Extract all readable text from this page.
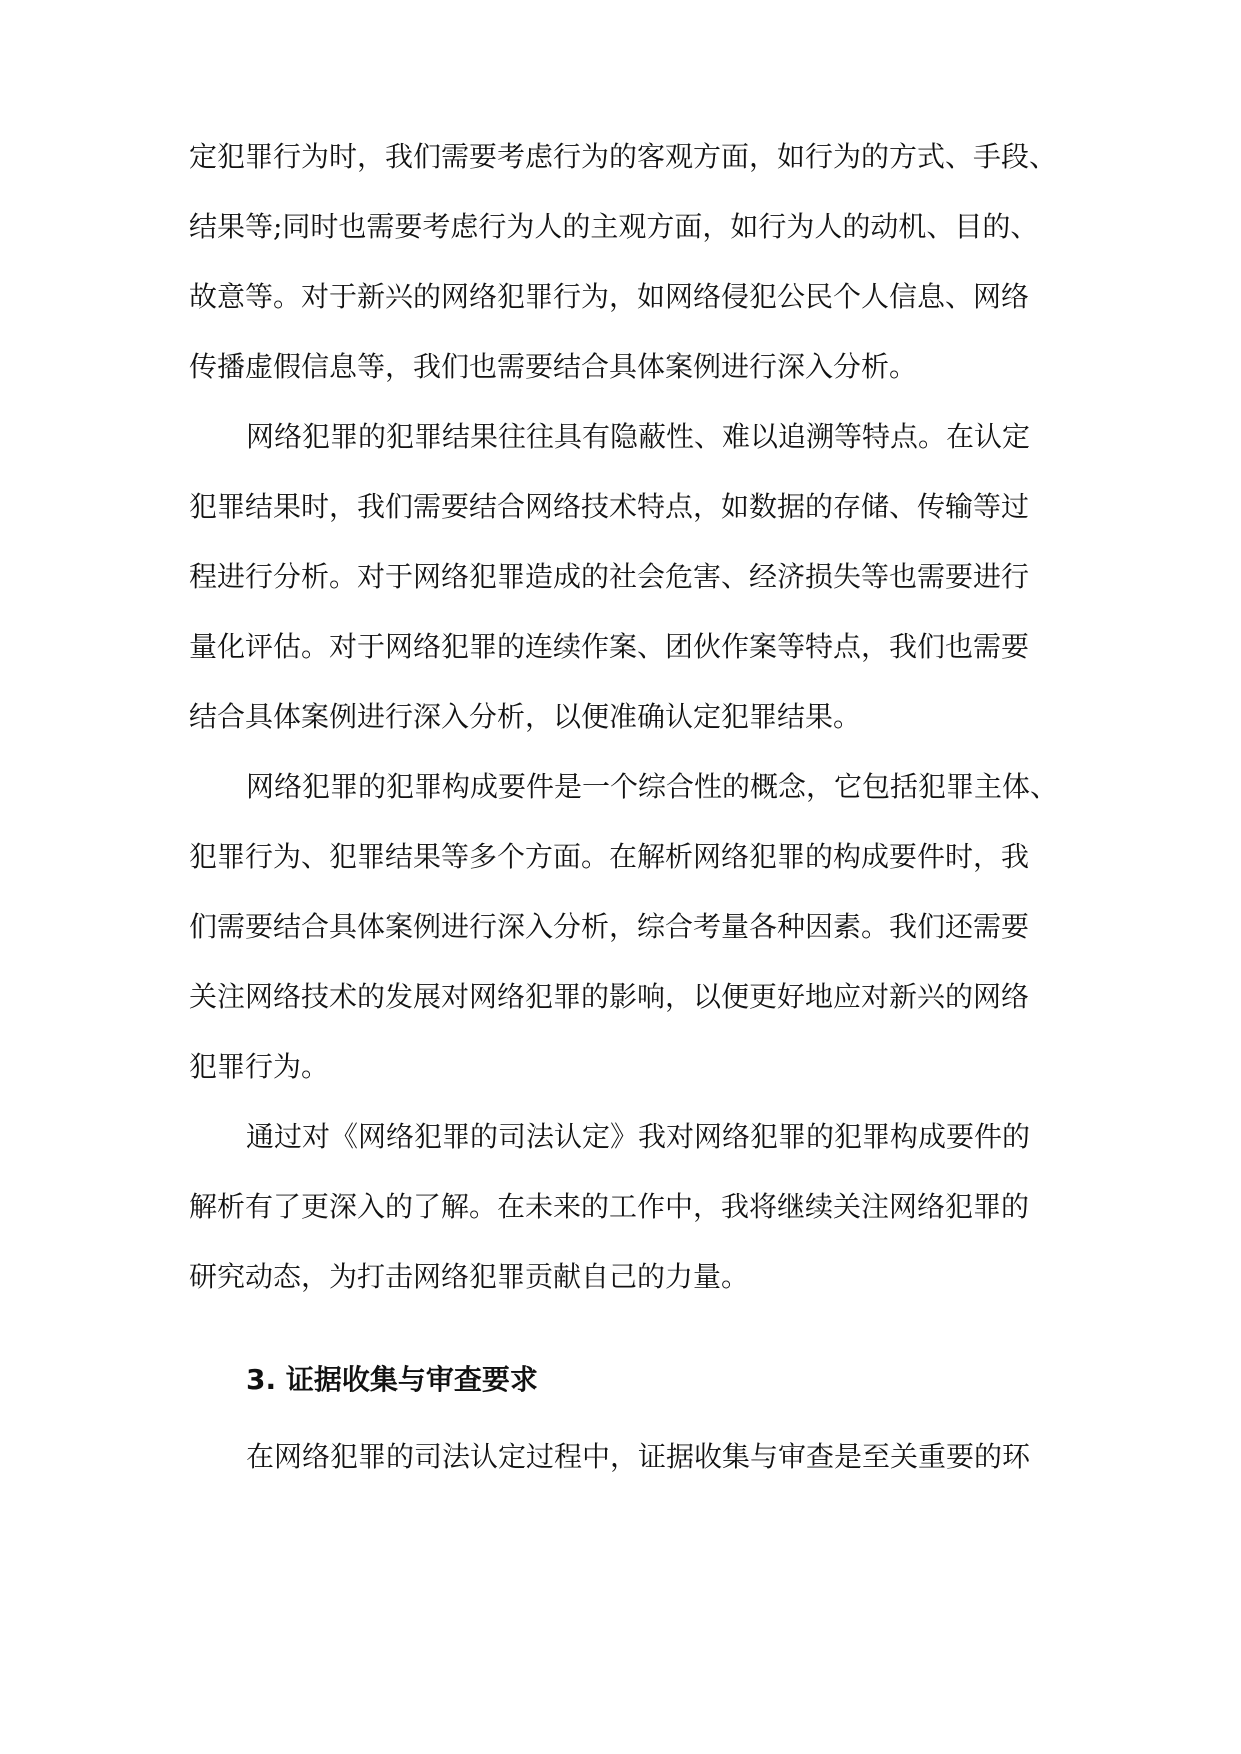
定犯罪行为时，我们需要考虑行为的客观方面，如行为的方式、手段、
结果等;同时也需要考虑行为人的主观方面，如行为人的动机、目的、
故意等。对于新兴的网络犯罪行为，如网络侵犯公民个人信息、网络
传播虚假信息等，我们也需要结合具体案例进行深入分析。
网络犯罪的犯罪结果往往具有隐蔽性、难以追溯等特点。在认定
犯罪结果时，我们需要结合网络技术特点，如数据的存储、传输等过
程进行分析。对于网络犯罪造成的社会危害、经济损失等也需要进行
量化评估。对于网络犯罪的连续作案、团伙作案等特点，我们也需要
结合具体案例进行深入分析，以便准确认定犯罪结果。
网络犯罪的犯罪构成要件是一个综合性的概念，它包括犯罪主体、
犯罪行为、犯罪结果等多个方面。在解析网络犯罪的构成要件时，我
们需要结合具体案例进行深入分析，综合考量各种因素。我们还需要
关注网络技术的发展对网络犯罪的影响，以便更好地应对新兴的网络
犯罪行为。
通过对《网络犯罪的司法认定》我对网络犯罪的犯罪构成要件的
解析有了更深入的了解。在未来的工作中，我将继续关注网络犯罪的
研究动态，为打击网络犯罪贡献自己的力量。
3. 证据收集与审查要求
在网络犯罪的司法认定过程中，证据收集与审查是至关重要的环
